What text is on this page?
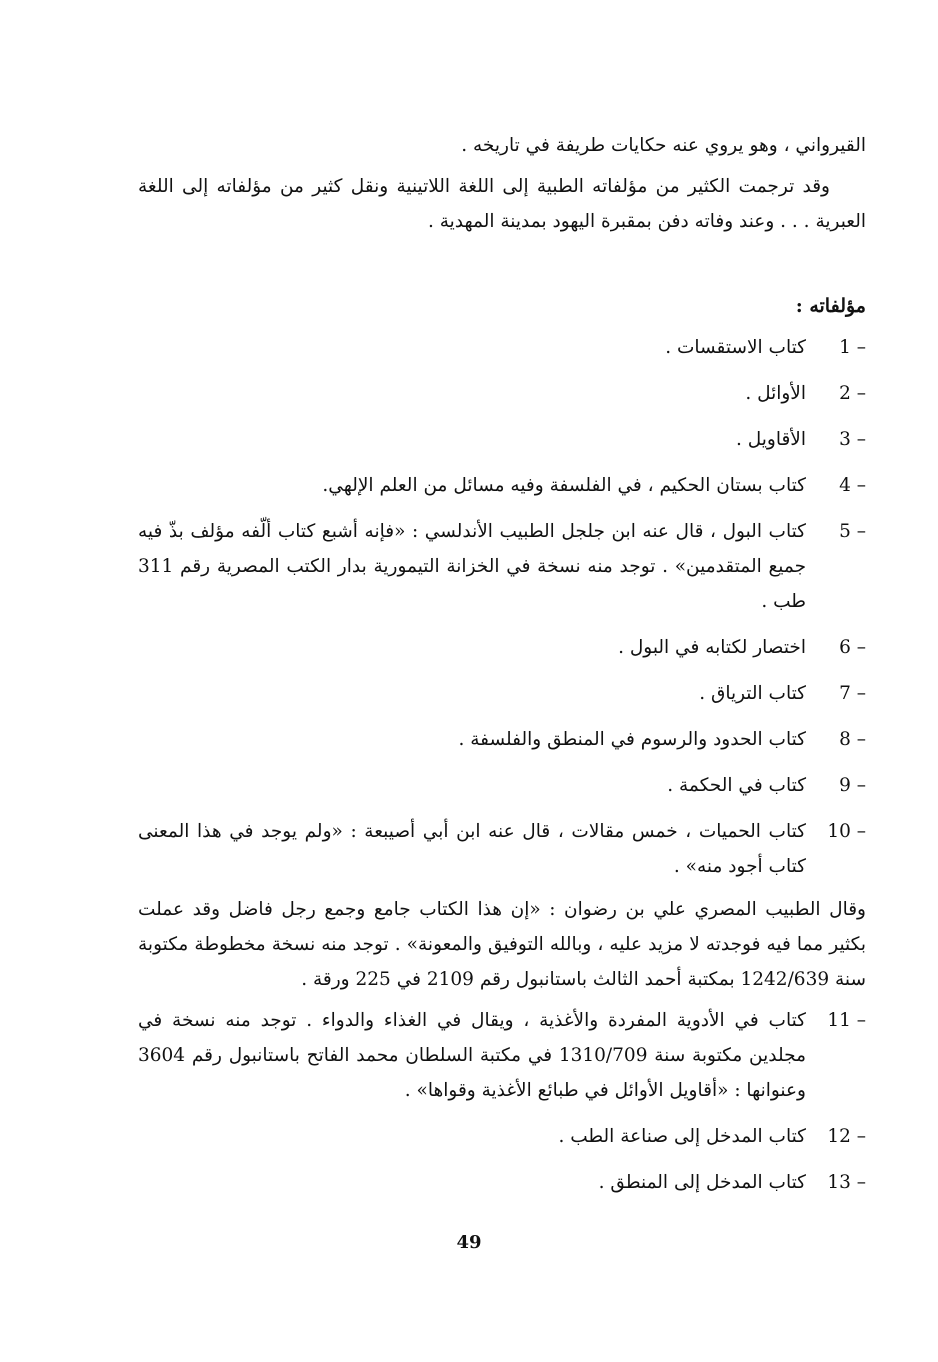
القيرواني ، وهو يروي عنه حكايات طريفة في تاريخه .

وقد ترجمت الكثير من مؤلفاته الطبية إلى اللغة اللاتينية ونقل كثير من مؤلفاته إلى اللغة العبرية . . . وعند وفاته دفن بمقبرة اليهود بمدينة المهدية .

مؤلفاته :

1 –
كتاب الاستقسات .
2 –
الأوائل .
3 –
الأقاويل .
4 –
كتاب بستان الحكيم ، في الفلسفة وفيه مسائل من العلم الإلهي.
5 –
كتاب البول ، قال عنه ابن جلجل الطبيب الأندلسي : «فإنه أشبع كتاب ألّفه مؤلف بذّ فيه جميع المتقدمين» . توجد منه نسخة في الخزانة التيمورية بدار الكتب المصرية رقم 311 طب .
6 –
اختصار لكتابه في البول .
7 –
كتاب الترياق .
8 –
كتاب الحدود والرسوم في المنطق والفلسفة .
9 –
كتاب في الحكمة .
10 –
كتاب الحميات ، خمس مقالات ، قال عنه ابن أبي أصيبعة : «ولم يوجد في هذا المعنى كتاب أجود منه» .

وقال الطبيب المصري علي بن رضوان : «إن هذا الكتاب جامع وجمع رجل فاضل وقد عملت بكثير مما فيه فوجدته لا مزيد عليه ، وبالله التوفيق والمعونة» . توجد منه نسخة مخطوطة مكتوبة سنة 1242/639 بمكتبة أحمد الثالث باستانبول رقم 2109 في 225 ورقة .

11 –
كتاب في الأدوية المفردة والأغذية ، ويقال في الغذاء والدواء . توجد منه نسخة في مجلدين مكتوبة سنة 1310/709 في مكتبة السلطان محمد الفاتح باستانبول رقم 3604 وعنوانها : «أقاويل الأوائل في طبائع الأغذية وقواها» .
12 –
كتاب المدخل إلى صناعة الطب .
13 –
كتاب المدخل إلى المنطق .
49
